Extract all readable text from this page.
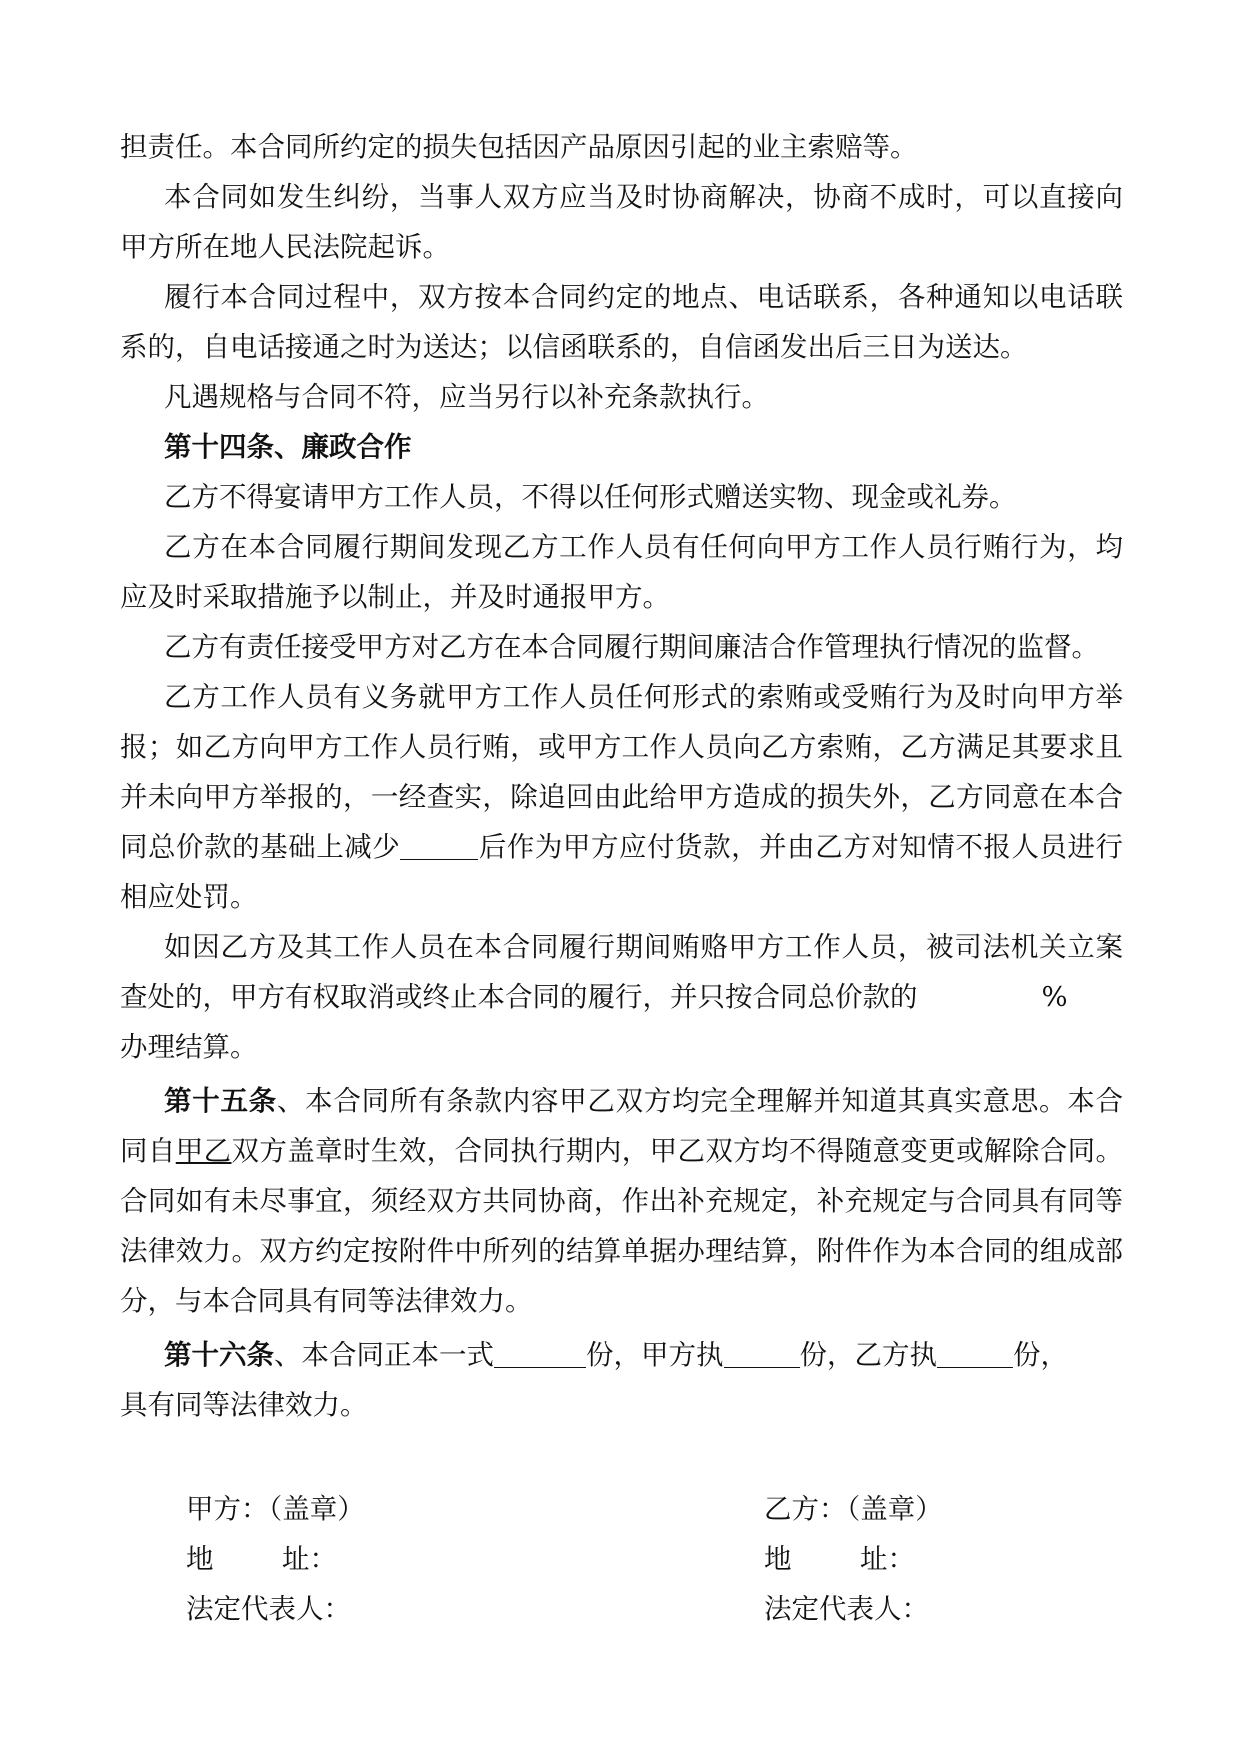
担责任。本合同所约定的损失包括因产品原因引起的业主索赔等。

本合同如发生纠纷，当事人双方应当及时协商解决，协商不成时，可以直接向甲方所在地人民法院起诉。

履行本合同过程中，双方按本合同约定的地点、电话联系，各种通知以电话联系的，自电话接通之时为送达；以信函联系的，自信函发出后三日为送达。

凡遇规格与合同不符，应当另行以补充条款执行。

第十四条、廉政合作

乙方不得宴请甲方工作人员，不得以任何形式赠送实物、现金或礼券。

乙方在本合同履行期间发现乙方工作人员有任何向甲方工作人员行贿行为，均应及时采取措施予以制止，并及时通报甲方。

乙方有责任接受甲方对乙方在本合同履行期间廉洁合作管理执行情况的监督。

乙方工作人员有义务就甲方工作人员任何形式的索贿或受贿行为及时向甲方举报；如乙方向甲方工作人员行贿，或甲方工作人员向乙方索贿，乙方满足其要求且并未向甲方举报的，一经查实，除追回由此给甲方造成的损失外，乙方同意在本合同总价款的基础上减少	后作为甲方应付货款，并由乙方对知情不报人员进行相应处罚。

如因乙方及其工作人员在本合同履行期间贿赂甲方工作人员，被司法机关立案查处的，甲方有权取消或终止本合同的履行，并只按合同总价款的	%
办理结算。

第十五条、本合同所有条款内容甲乙双方均完全理解并知道其真实意思。本合同自甲乙双方盖章时生效，合同执行期内，甲乙双方均不得随意变更或解除合同。合同如有未尽事宜，须经双方共同协商，作出补充规定，补充规定与合同具有同等法律效力。双方约定按附件中所列的结算单据办理结算，附件作为本合同的组成部分，与本合同具有同等法律效力。

第十六条、本合同正本一式	份，甲方执	份，乙方执	份，
具有同等法律效力。

甲方：（盖章）	乙方：（盖章）
地 址：	地 址：
法定代表人：	法定代表人：
